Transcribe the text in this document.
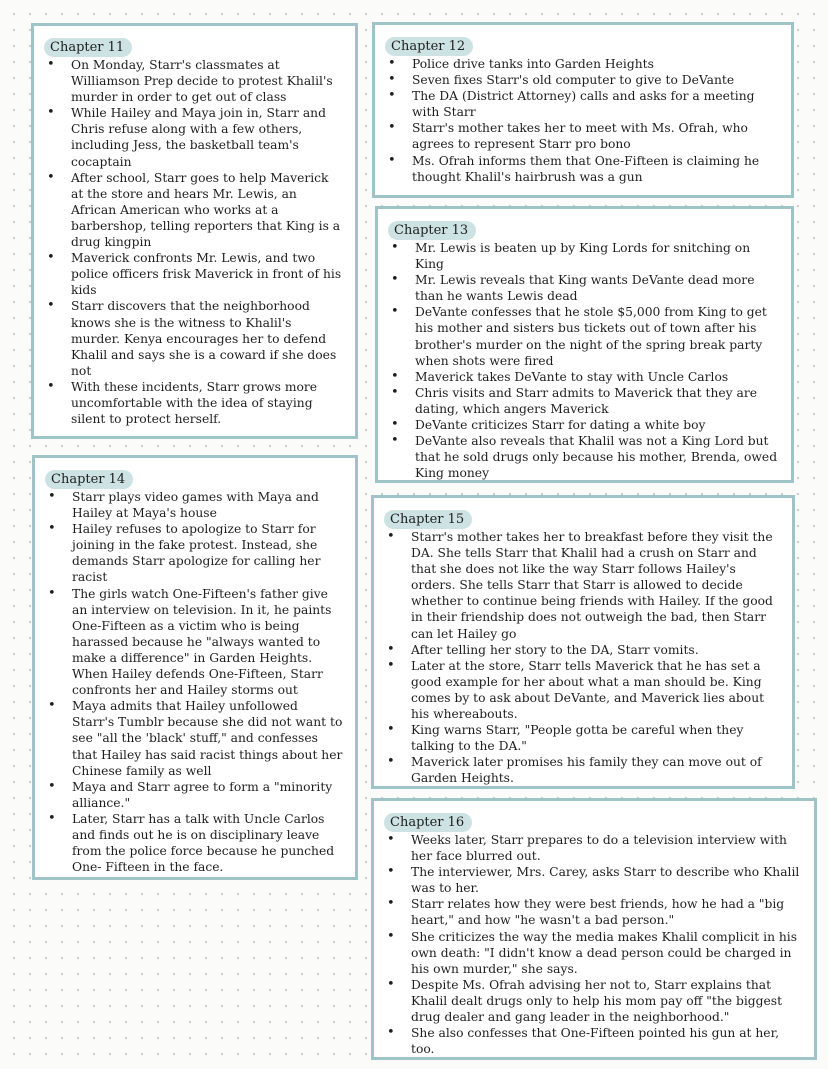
Chapter 11
• On Monday, Starr's classmates at Williamson Prep decide to protest Khalil's murder in order to get out of class
• While Hailey and Maya join in, Starr and Chris refuse along with a few others, including Jess, the basketball team's cocaptain
• After school, Starr goes to help Maverick at the store and hears Mr. Lewis, an African American who works at a barbershop, telling reporters that King is a drug kingpin
• Maverick confronts Mr. Lewis, and two police officers frisk Maverick in front of his kids
• Starr discovers that the neighborhood knows she is the witness to Khalil's murder. Kenya encourages her to defend Khalil and says she is a coward if she does not
• With these incidents, Starr grows more uncomfortable with the idea of staying silent to protect herself.
Chapter 12
• Police drive tanks into Garden Heights
• Seven fixes Starr's old computer to give to DeVante
• The DA (District Attorney) calls and asks for a meeting with Starr
• Starr's mother takes her to meet with Ms. Ofrah, who agrees to represent Starr pro bono
• Ms. Ofrah informs them that One-Fifteen is claiming he thought Khalil's hairbrush was a gun
Chapter 13
• Mr. Lewis is beaten up by King Lords for snitching on King
• Mr. Lewis reveals that King wants DeVante dead more than he wants Lewis dead
• DeVante confesses that he stole $5,000 from King to get his mother and sisters bus tickets out of town after his brother's murder on the night of the spring break party when shots were fired
• Maverick takes DeVante to stay with Uncle Carlos
• Chris visits and Starr admits to Maverick that they are dating, which angers Maverick
• DeVante criticizes Starr for dating a white boy
• DeVante also reveals that Khalil was not a King Lord but that he sold drugs only because his mother, Brenda, owed King money
Chapter 14
• Starr plays video games with Maya and Hailey at Maya's house
• Hailey refuses to apologize to Starr for joining in the fake protest. Instead, she demands Starr apologize for calling her racist
• The girls watch One-Fifteen's father give an interview on television. In it, he paints One-Fifteen as a victim who is being harassed because he "always wanted to make a difference" in Garden Heights. When Hailey defends One-Fifteen, Starr confronts her and Hailey storms out
• Maya admits that Hailey unfollowed Starr's Tumblr because she did not want to see "all the 'black' stuff," and confesses that Hailey has said racist things about her Chinese family as well
• Maya and Starr agree to form a "minority alliance."
• Later, Starr has a talk with Uncle Carlos and finds out he is on disciplinary leave from the police force because he punched One- Fifteen in the face.
Chapter 15
• Starr's mother takes her to breakfast before they visit the DA. She tells Starr that Khalil had a crush on Starr and that she does not like the way Starr follows Hailey's orders. She tells Starr that Starr is allowed to decide whether to continue being friends with Hailey. If the good in their friendship does not outweigh the bad, then Starr can let Hailey go
• After telling her story to the DA, Starr vomits.
• Later at the store, Starr tells Maverick that he has set a good example for her about what a man should be. King comes by to ask about DeVante, and Maverick lies about his whereabouts.
• King warns Starr, "People gotta be careful when they talking to the DA."
• Maverick later promises his family they can move out of Garden Heights.
Chapter 16
• Weeks later, Starr prepares to do a television interview with her face blurred out.
• The interviewer, Mrs. Carey, asks Starr to describe who Khalil was to her.
• Starr relates how they were best friends, how he had a "big heart," and how "he wasn't a bad person."
• She criticizes the way the media makes Khalil complicit in his own death: "I didn't know a dead person could be charged in his own murder," she says.
• Despite Ms. Ofrah advising her not to, Starr explains that Khalil dealt drugs only to help his mom pay off "the biggest drug dealer and gang leader in the neighborhood."
• She also confesses that One-Fifteen pointed his gun at her, too.
